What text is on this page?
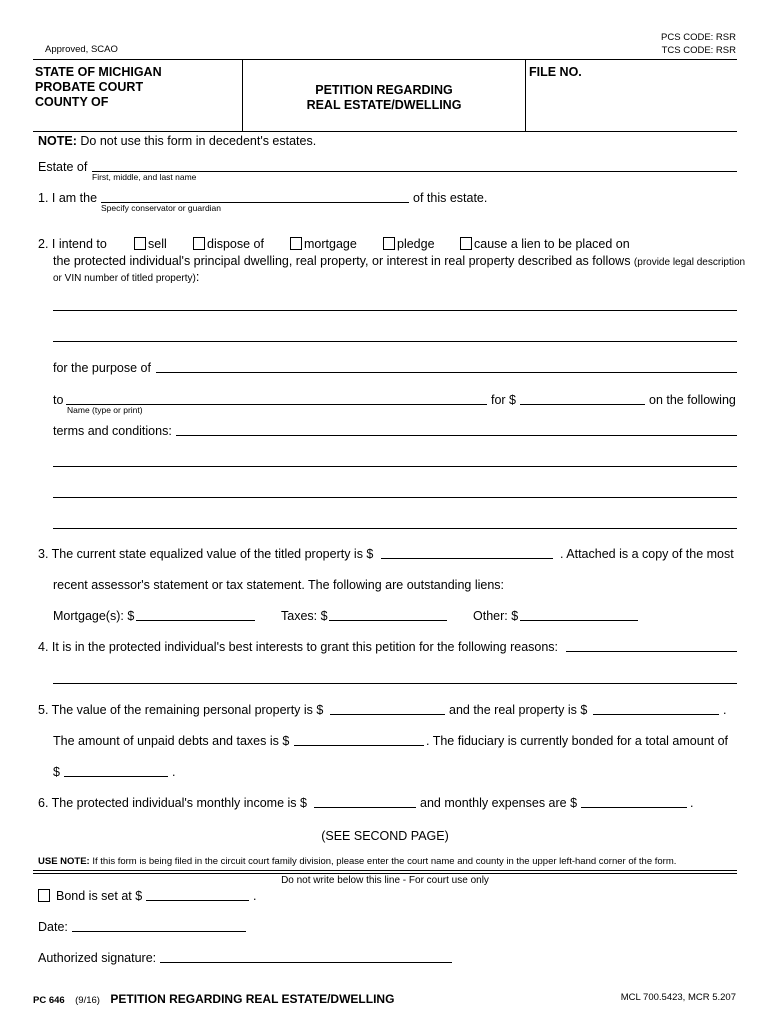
Approved, SCAO
PCS CODE: RSR
TCS CODE: RSR
STATE OF MICHIGAN
PROBATE COURT
COUNTY OF
PETITION REGARDING
REAL ESTATE/DWELLING
FILE NO.
NOTE: Do not use this form in decedent's estates.
Estate of
First, middle, and last name
1. I am the	of this estate.
Specify conservator or guardian
2. I intend to	sell	dispose of	mortgage	pledge	cause a lien to be placed on
the protected individual's principal dwelling, real property, or interest in real property described as follows (provide legal description
or VIN number of titled property):
for the purpose of
to
Name (type or print)
for $	on the following
terms and conditions:
3. The current state equalized value of the titled property is $	. Attached is a copy of the most
recent assessor's statement or tax statement. The following are outstanding liens:
Mortgage(s): $	Taxes: $	Other: $
4. It is in the protected individual's best interests to grant this petition for the following reasons:
5. The value of the remaining personal property is $	and the real property is $	.
The amount of unpaid debts and taxes is $	. The fiduciary is currently bonded for a total amount of
$	.
6. The protected individual's monthly income is $	and monthly expenses are $	.
(SEE SECOND PAGE)
USE NOTE: If this form is being filed in the circuit court family division, please enter the court name and county in the upper left-hand corner of the form.
Do not write below this line - For court use only
Bond is set at $	.
Date:
Authorized signature:
PC 646 (9/16) PETITION REGARDING REAL ESTATE/DWELLING	MCL 700.5423, MCR 5.207
